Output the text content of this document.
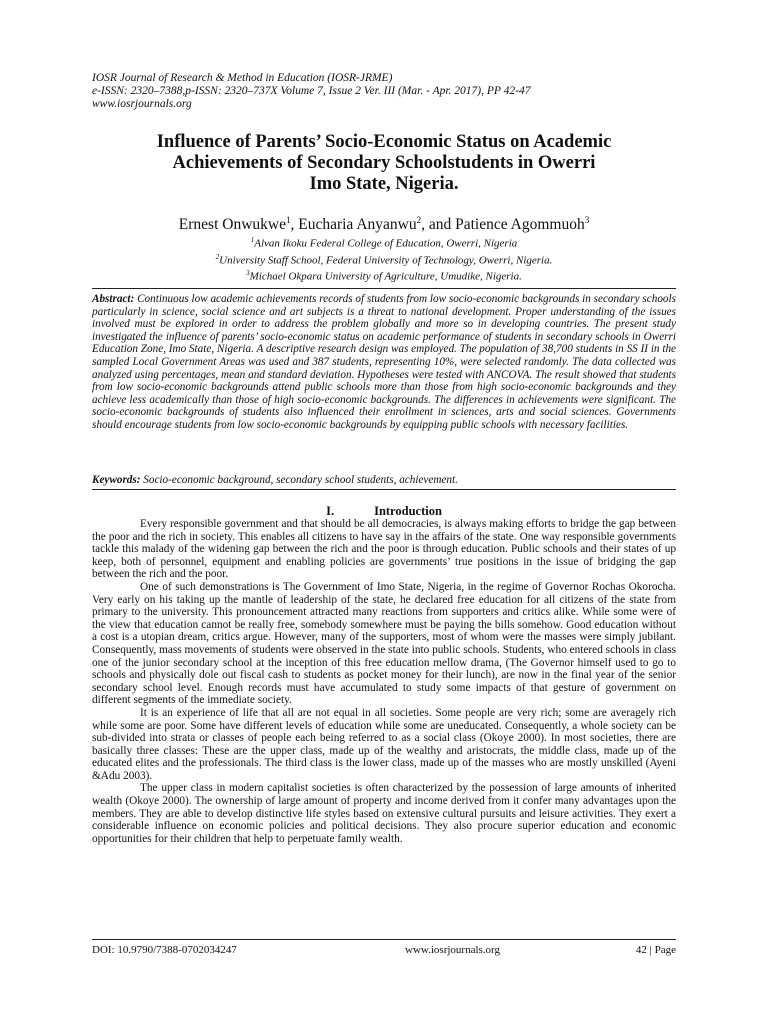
IOSR Journal of Research & Method in Education (IOSR-JRME)
e-ISSN: 2320–7388,p-ISSN: 2320–737X Volume 7, Issue 2 Ver. III (Mar. - Apr. 2017), PP 42-47
www.iosrjournals.org
Influence of Parents’ Socio-Economic Status on Academic
Achievements of Secondary Schoolstudents in Owerri
Imo State, Nigeria.
Ernest Onwukwe$^1$, Eucharia Anyanwu$^2$, and Patience Agommuoh$^3$
$^1$Alvan Ikoku Federal College of Education, Owerri, Nigeria
$^2$University Staff School, Federal University of Technology, Owerri, Nigeria.
$^3$Michael Okpara University of Agriculture, Umudike, Nigeria.
Abstract: Continuous low academic achievements records of students from low socio-economic backgrounds in secondary schools particularly in science, social science and art subjects is a threat to national development. Proper understanding of the issues involved must be explored in order to address the problem globally and more so in developing countries. The present study investigated the influence of parents’ socio-economic status on academic performance of students in secondary schools in Owerri Education Zone, Imo State, Nigeria. A descriptive research design was employed. The population of 38,700 students in SS II in the sampled Local Government Areas was used and 387 students, representing 10%, were selected randomly. The data collected was analyzed using percentages, mean and standard deviation. Hypotheses were tested with ANCOVA. The result showed that students from low socio-economic backgrounds attend public schools more than those from high socio-economic backgrounds and they achieve less academically than those of high socio-economic backgrounds. The differences in achievements were significant. The socio-economic backgrounds of students also influenced their enrollment in sciences, arts and social sciences. Governments should encourage students from low socio-economic backgrounds by equipping public schools with necessary facilities.
Keywords: Socio-economic background, secondary school students, achievement.
I.	Introduction

Every responsible government and that should be all democracies, is always making efforts to bridge the gap between the poor and the rich in society. This enables all citizens to have say in the affairs of the state. One way responsible governments tackle this malady of the widening gap between the rich and the poor is through education. Public schools and their states of up keep, both of personnel, equipment and enabling policies are governments’ true positions in the issue of bridging the gap between the rich and the poor.

One of such demonstrations is The Government of Imo State, Nigeria, in the regime of Governor Rochas Okorocha. Very early on his taking up the mantle of leadership of the state, he declared free education for all citizens of the state from primary to the university. This pronouncement attracted many reactions from supporters and critics alike. While some were of the view that education cannot be really free, somebody somewhere must be paying the bills somehow. Good education without a cost is a utopian dream, critics argue. However, many of the supporters, most of whom were the masses were simply jubilant. Consequently, mass movements of students were observed in the state into public schools. Students, who entered schools in class one of the junior secondary school at the inception of this free education mellow drama, (The Governor himself used to go to schools and physically dole out fiscal cash to students as pocket money for their lunch), are now in the final year of the senior secondary school level. Enough records must have accumulated to study some impacts of that gesture of government on different segments of the immediate society.

It is an experience of life that all are not equal in all societies. Some people are very rich; some are averagely rich while some are poor. Some have different levels of education while some are uneducated. Consequently, a whole society can be sub-divided into strata or classes of people each being referred to as a social class (Okoye 2000). In most societies, there are basically three classes: These are the upper class, made up of the wealthy and aristocrats, the middle class, made up of the educated elites and the professionals. The third class is the lower class, made up of the masses who are mostly unskilled (Ayeni &Adu 2003).

The upper class in modern capitalist societies is often characterized by the possession of large amounts of inherited wealth (Okoye 2000). The ownership of large amount of property and income derived from it confer many advantages upon the members. They are able to develop distinctive life styles based on extensive cultural pursuits and leisure activities. They exert a considerable influence on economic policies and political decisions. They also procure superior education and economic opportunities for their children that help to perpetuate family wealth.

DOI: 10.9790/7388-0702034247	www.iosrjournals.org	42 | Page
